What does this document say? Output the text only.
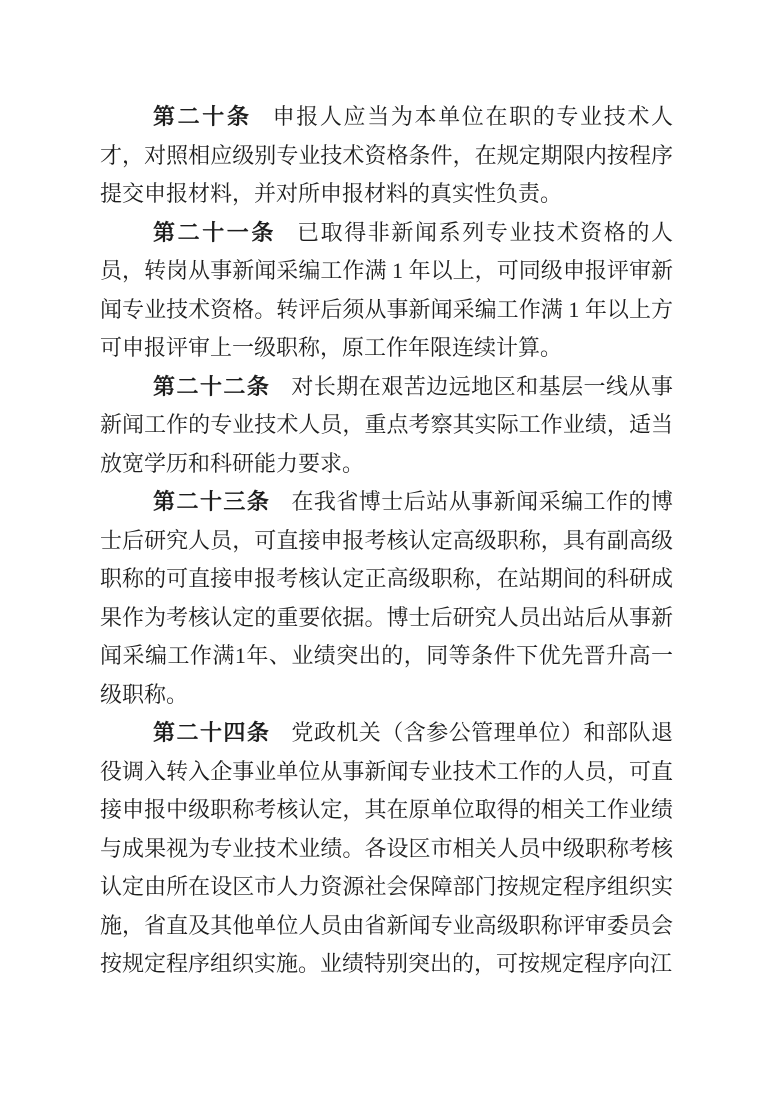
第二十条 申报人应当为本单位在职的专业技术人才，对照相应级别专业技术资格条件，在规定期限内按程序提交申报材料，并对所申报材料的真实性负责。

第二十一条 已取得非新闻系列专业技术资格的人员，转岗从事新闻采编工作满 1 年以上，可同级申报评审新闻专业技术资格。转评后须从事新闻采编工作满 1 年以上方可申报评审上一级职称，原工作年限连续计算。

第二十二条 对长期在艰苦边远地区和基层一线从事新闻工作的专业技术人员，重点考察其实际工作业绩，适当放宽学历和科研能力要求。

第二十三条 在我省博士后站从事新闻采编工作的博士后研究人员，可直接申报考核认定高级职称，具有副高级职称的可直接申报考核认定正高级职称，在站期间的科研成果作为考核认定的重要依据。博士后研究人员出站后从事新闻采编工作满1年、业绩突出的，同等条件下优先晋升高一级职称。

第二十四条 党政机关（含参公管理单位）和部队退役调入转入企事业单位从事新闻专业技术工作的人员，可直接申报中级职称考核认定，其在原单位取得的相关工作业绩与成果视为专业技术业绩。各设区市相关人员中级职称考核认定由所在设区市人力资源社会保障部门按规定程序组织实施，省直及其他单位人员由省新闻专业高级职称评审委员会按规定程序组织实施。业绩特别突出的，可按规定程序向江
